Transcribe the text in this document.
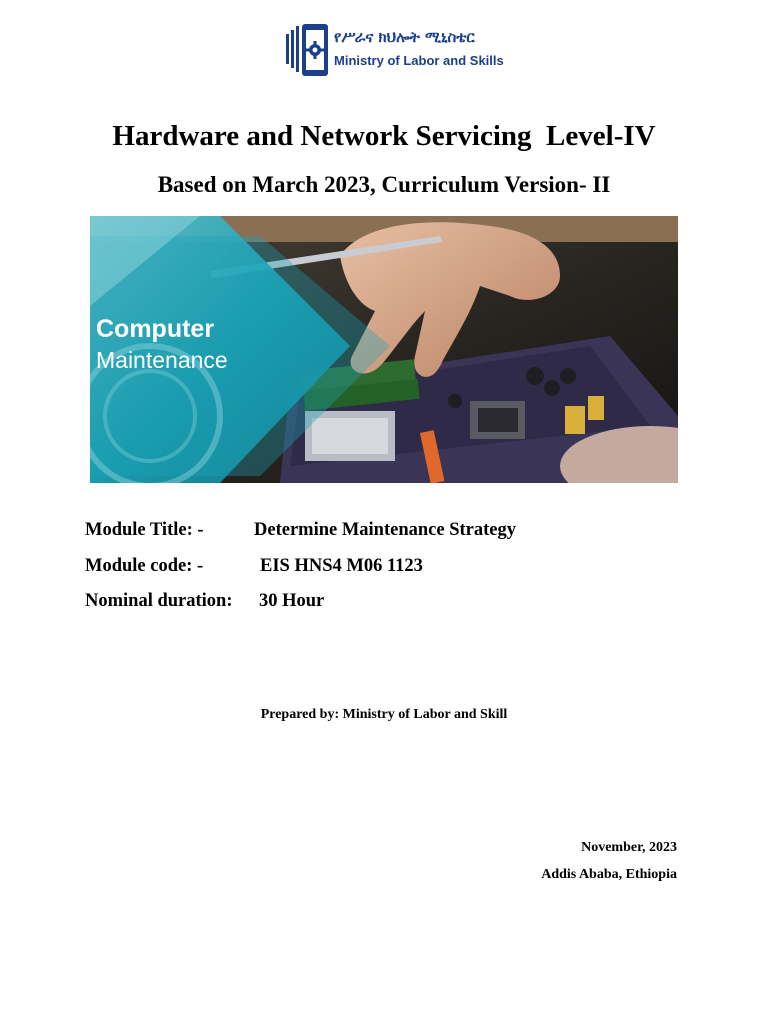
የሥራና ክህሎት ሚኒስቴር
Ministry of Labor and Skills
Hardware and Network Servicing  Level-IV
Based on March 2023, Curriculum Version- II
Computer
Maintenance
Module Title: -	Determine Maintenance Strategy
Module code: -	EIS HNS4 M06 1123
Nominal duration: 30 Hour
Prepared by: Ministry of Labor and Skill
November, 2023
Addis Ababa, Ethiopia
